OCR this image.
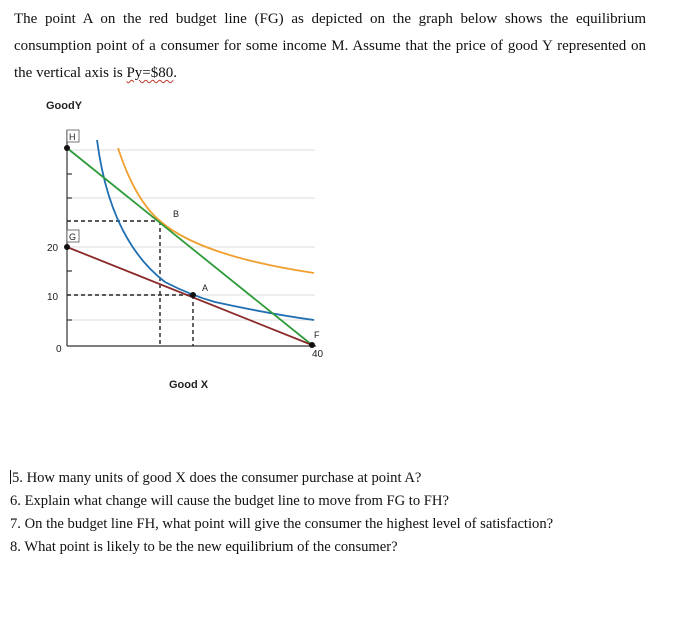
The point A on the red budget line (FG) as depicted on the graph below shows the equilibrium consumption point of a consumer for some income M. Assume that the price of good Y represented on the vertical axis is Py=$80.

GoodY
Good X
20
10
0
H
G
B
A
F
40
5. How many units of good X does the consumer purchase at point A?
6. Explain what change will cause the budget line to move from FG to FH?
7. On the budget line FH, what point will give the consumer the highest level of satisfaction?
8. What point is likely to be the new equilibrium of the consumer?
